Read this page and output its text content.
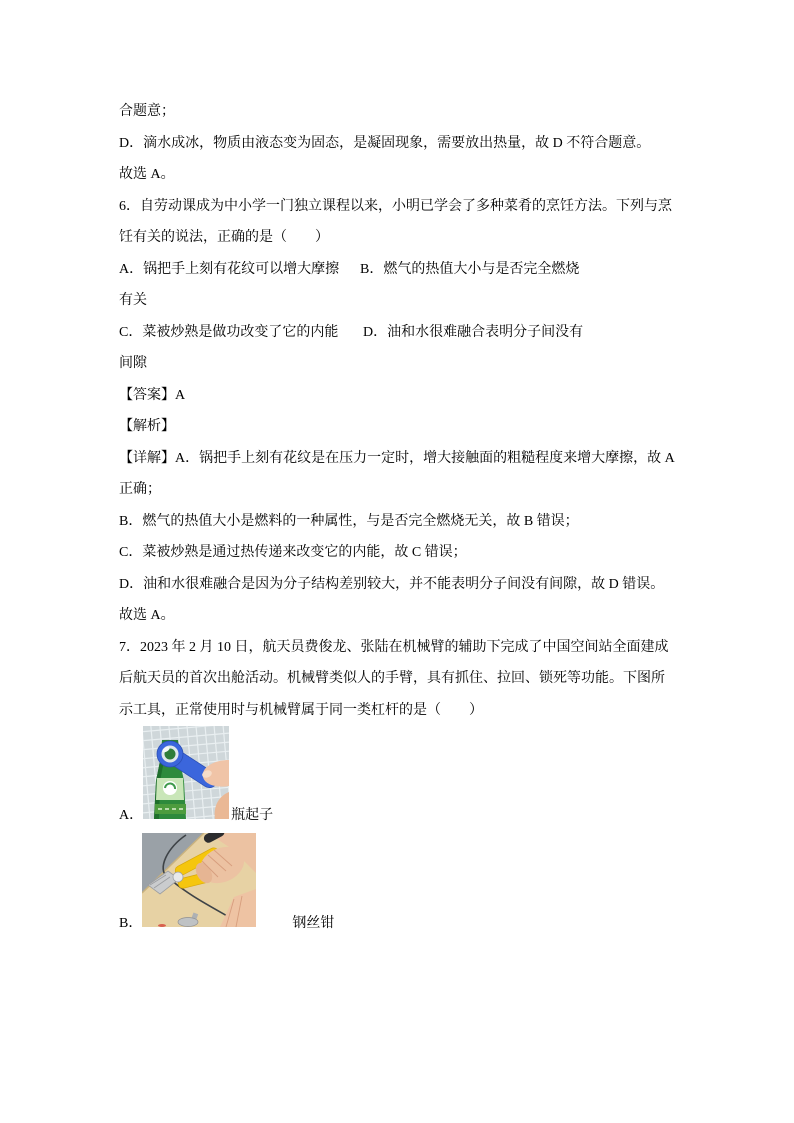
合题意；
D．滴水成冰，物质由液态变为固态，是凝固现象，需要放出热量，故 D 不符合题意。
故选 A。
6．自劳动课成为中小学一门独立课程以来，小明已学会了多种菜肴的烹饪方法。下列与烹
饪有关的说法，正确的是（　　）
A．锅把手上刻有花纹可以增大摩擦 B．燃气的热值大小与是否完全燃烧
有关
C．菜被炒熟是做功改变了它的内能 D．油和水很难融合表明分子间没有
间隙
【答案】A
【解析】
【详解】A．锅把手上刻有花纹是在压力一定时，增大接触面的粗糙程度来增大摩擦，故 A
正确；
B．燃气的热值大小是燃料的一种属性，与是否完全燃烧无关，故 B 错误；
C．菜被炒熟是通过热传递来改变它的内能，故 C 错误；
D．油和水很难融合是因为分子结构差别较大，并不能表明分子间没有间隙，故 D 错误。
故选 A。
7．2023 年 2 月 10 日，航天员费俊龙、张陆在机械臂的辅助下完成了中国空间站全面建成
后航天员的首次出舱活动。机械臂类似人的手臂，具有抓住、拉回、锁死等功能。下图所
示工具，正常使用时与机械臂属于同一类杠杆的是（　　）
A．	瓶起子
B．	钢丝钳
